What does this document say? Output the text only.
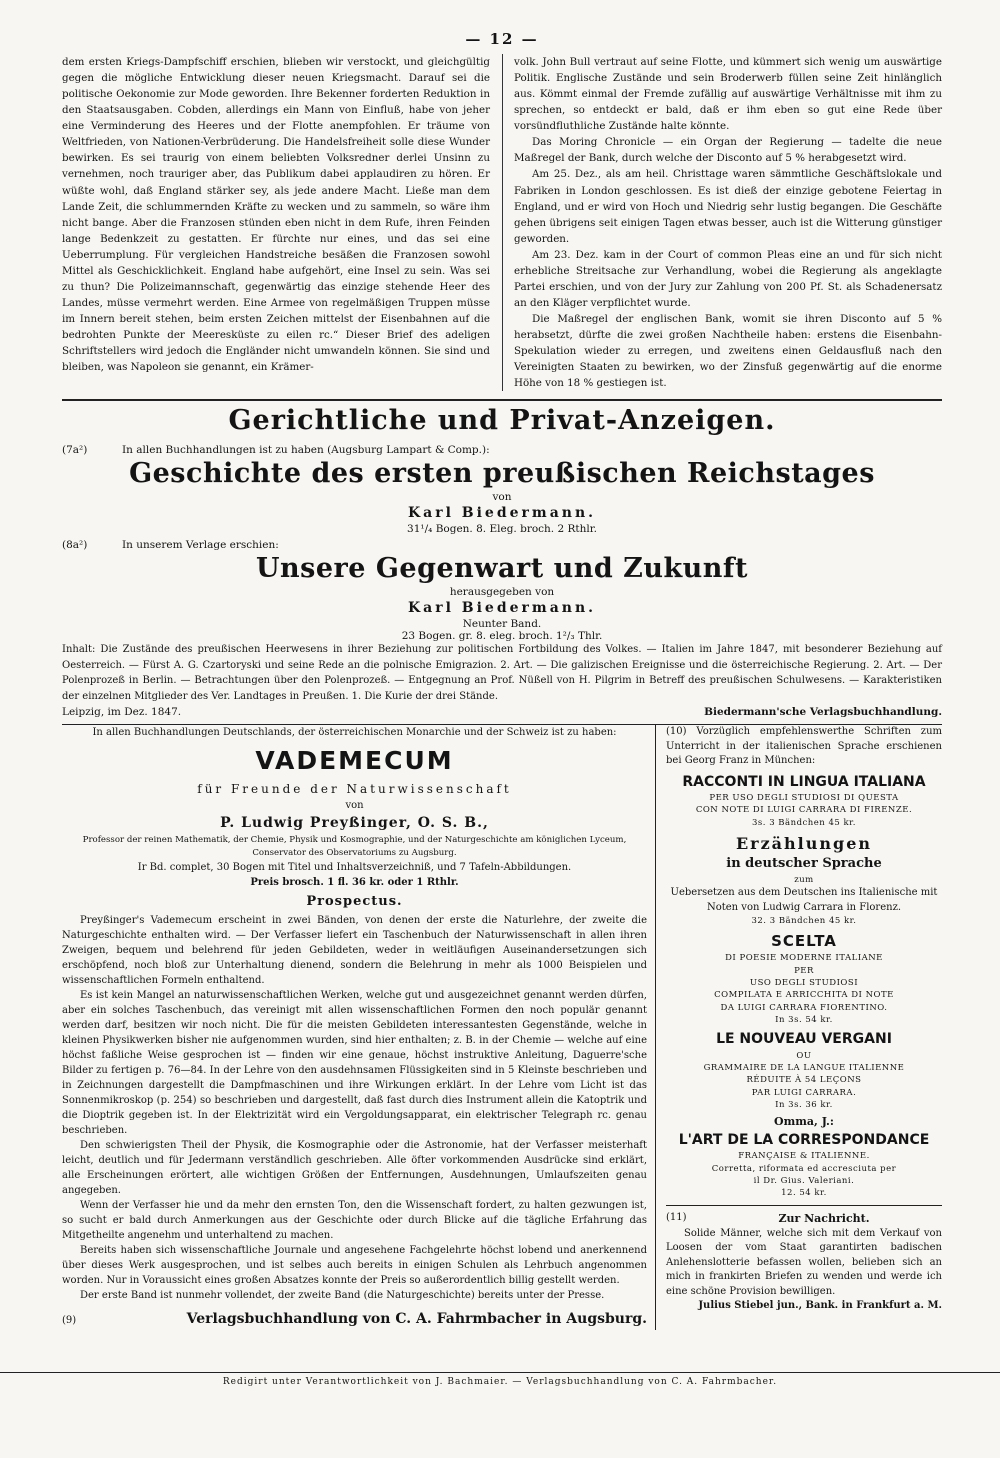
— 12 —

dem ersten Kriegs-Dampfschiff erschien, blieben wir verstockt, und gleichgültig gegen die mögliche Entwicklung dieser neuen Kriegsmacht. Darauf sei die politische Oekonomie zur Mode geworden. Ihre Bekenner forderten Reduktion in den Staatsausgaben. Cobden, allerdings ein Mann von Einfluß, habe von jeher eine Verminderung des Heeres und der Flotte anempfohlen. Er träume von Weltfrieden, von Nationen-Verbrüderung. Die Handelsfreiheit solle diese Wunder bewirken. Es sei traurig von einem beliebten Volksredner derlei Unsinn zu vernehmen, noch trauriger aber, das Publikum dabei applaudiren zu hören. Er wüßte wohl, daß England stärker sey, als jede andere Macht. Ließe man dem Lande Zeit, die schlummernden Kräfte zu wecken und zu sammeln, so wäre ihm nicht bange. Aber die Franzosen stünden eben nicht in dem Rufe, ihren Feinden lange Bedenkzeit zu gestatten. Er fürchte nur eines, und das sei eine Ueberrumplung. Für vergleichen Handstreiche besäßen die Franzosen sowohl Mittel als Geschicklichkeit. England habe aufgehört, eine Insel zu sein. Was sei zu thun? Die Polizeimannschaft, gegenwärtig das einzige stehende Heer des Landes, müsse vermehrt werden. Eine Armee von regelmäßigen Truppen müsse im Innern bereit stehen, beim ersten Zeichen mittelst der Eisenbahnen auf die bedrohten Punkte der Meeresküste zu eilen rc.“ Dieser Brief des adeligen Schriftstellers wird jedoch die Engländer nicht umwandeln können. Sie sind und bleiben, was Napoleon sie genannt, ein Krämer-

volk. John Bull vertraut auf seine Flotte, und kümmert sich wenig um auswärtige Politik. Englische Zustände und sein Broderwerb füllen seine Zeit hinlänglich aus. Kömmt einmal der Fremde zufällig auf auswärtige Verhältnisse mit ihm zu sprechen, so entdeckt er bald, daß er ihm eben so gut eine Rede über vorsündfluthliche Zustände halte könnte.

Das Moring Chronicle — ein Organ der Regierung — tadelte die neue Maßregel der Bank, durch welche der Disconto auf 5 % herabgesetzt wird.

Am 25. Dez., als am heil. Christtage waren sämmtliche Geschäftslokale und Fabriken in London geschlossen. Es ist dieß der einzige gebotene Feiertag in England, und er wird von Hoch und Niedrig sehr lustig begangen. Die Geschäfte gehen übrigens seit einigen Tagen etwas besser, auch ist die Witterung günstiger geworden.

Am 23. Dez. kam in der Court of common Pleas eine an und für sich nicht erhebliche Streitsache zur Verhandlung, wobei die Regierung als angeklagte Partei erschien, und von der Jury zur Zahlung von 200 Pf. St. als Schadenersatz an den Kläger verpflichtet wurde.

Die Maßregel der englischen Bank, womit sie ihren Disconto auf 5 % herabsetzt, dürfte die zwei großen Nachtheile haben: erstens die Eisenbahn-Spekulation wieder zu erregen, und zweitens einen Geldausfluß nach den Vereinigten Staaten zu bewirken, wo der Zinsfuß gegenwärtig auf die enorme Höhe von 18 % gestiegen ist.

Gerichtliche und Privat-Anzeigen.
(7a²)	In allen Buchhandlungen ist zu haben (Augsburg Lampart & Comp.):
Geschichte des ersten preußischen Reichstages
von
Karl Biedermann.
31¹/₄ Bogen. 8. Eleg. broch. 2 Rthlr.
(8a²)	In unserem Verlage erschien:
Unsere Gegenwart und Zukunft
herausgegeben von
Karl Biedermann.
Neunter Band.
23 Bogen. gr. 8. eleg. broch. 1²/₃ Thlr.
Inhalt: Die Zustände des preußischen Heerwesens in ihrer Beziehung zur politischen Fortbildung des Volkes. — Italien im Jahre 1847, mit besonderer Beziehung auf Oesterreich. — Fürst A. G. Czartoryski und seine Rede an die polnische Emigrazion. 2. Art. — Die galizischen Ereignisse und die österreichische Regierung. 2. Art. — Der Polenprozeß in Berlin. — Betrachtungen über den Polenprozeß. — Entgegnung an Prof. Nüßell von H. Pilgrim in Betreff des preußischen Schulwesens. — Karakteristiken der einzelnen Mitglieder des Ver. Landtages in Preußen. 1. Die Kurie der drei Stände.
Leipzig, im Dez. 1847.	Biedermann'sche Verlagsbuchhandlung.
In allen Buchhandlungen Deutschlands, der österreichischen Monarchie und der Schweiz ist zu haben:
VADEMECUM
für Freunde der Naturwissenschaft
von
P. Ludwig Preyßinger, O. S. B.,
Professor der reinen Mathematik, der Chemie, Physik und Kosmographie, und der Naturgeschichte am königlichen Lyceum, Conservator des Observatoriums zu Augsburg.
Ir Bd. complet, 30 Bogen mit Titel und Inhaltsverzeichniß, und 7 Tafeln-Abbildungen.
Preis brosch. 1 fl. 36 kr. oder 1 Rthlr.
Prospectus.

Preyßinger's Vademecum erscheint in zwei Bänden, von denen der erste die Naturlehre, der zweite die Naturgeschichte enthalten wird. — Der Verfasser liefert ein Taschenbuch der Naturwissenschaft in allen ihren Zweigen, bequem und belehrend für jeden Gebildeten, weder in weitläufigen Auseinandersetzungen sich erschöpfend, noch bloß zur Unterhaltung dienend, sondern die Belehrung in mehr als 1000 Beispielen und wissenschaftlichen Formeln enthaltend.

Es ist kein Mangel an naturwissenschaftlichen Werken, welche gut und ausgezeichnet genannt werden dürfen, aber ein solches Taschenbuch, das vereinigt mit allen wissenschaftlichen Formen den noch populär genannt werden darf, besitzen wir noch nicht. Die für die meisten Gebildeten interessantesten Gegenstände, welche in kleinen Physikwerken bisher nie aufgenommen wurden, sind hier enthalten; z. B. in der Chemie — welche auf eine höchst faßliche Weise gesprochen ist — finden wir eine genaue, höchst instruktive Anleitung, Daguerre'sche Bilder zu fertigen p. 76—84. In der Lehre von den ausdehnsamen Flüssigkeiten sind in 5 Kleinste beschrieben und in Zeichnungen dargestellt die Dampfmaschinen und ihre Wirkungen erklärt. In der Lehre vom Licht ist das Sonnenmikroskop (p. 254) so beschrieben und dargestellt, daß fast durch dies Instrument allein die Katoptrik und die Dioptrik gegeben ist. In der Elektrizität wird ein Vergoldungsapparat, ein elektrischer Telegraph rc. genau beschrieben.

Den schwierigsten Theil der Physik, die Kosmographie oder die Astronomie, hat der Verfasser meisterhaft leicht, deutlich und für Jedermann verständlich geschrieben. Alle öfter vorkommenden Ausdrücke sind erklärt, alle Erscheinungen erörtert, alle wichtigen Größen der Entfernungen, Ausdehnungen, Umlaufszeiten genau angegeben.

Wenn der Verfasser hie und da mehr den ernsten Ton, den die Wissenschaft fordert, zu halten gezwungen ist, so sucht er bald durch Anmerkungen aus der Geschichte oder durch Blicke auf die tägliche Erfahrung das Mitgetheilte angenehm und unterhaltend zu machen.

Bereits haben sich wissenschaftliche Journale und angesehene Fachgelehrte höchst lobend und anerkennend über dieses Werk ausgesprochen, und ist selbes auch bereits in einigen Schulen als Lehrbuch angenommen worden. Nur in Voraussicht eines großen Absatzes konnte der Preis so außerordentlich billig gestellt werden.

Der erste Band ist nunmehr vollendet, der zweite Band (die Naturgeschichte) bereits unter der Presse.

(9)	Verlagsbuchhandlung von C. A. Fahrmbacher in Augsburg.

(10) Vorzüglich empfehlenswerthe Schriften zum Unterricht in der italienischen Sprache erschienen bei Georg Franz in München:

RACCONTI IN LINGUA ITALIANA
PER USO DEGLI STUDIOSI DI QUESTA
CON NOTE DI LUIGI CARRARA DI FIRENZE.
3s. 3 Bändchen 45 kr.
Erzählungen
in deutscher Sprache
zum
Uebersetzen aus dem Deutschen ins Italienische mit Noten von Ludwig Carrara in Florenz.
32. 3 Bändchen 45 kr.
SCELTA
DI POESIE MODERNE ITALIANE
PER
USO DEGLI STUDIOSI
COMPILATA E ARRICCHITA DI NOTE
DA LUIGI CARRARA FIORENTINO.
In 3s. 54 kr.
LE NOUVEAU VERGANI
OU
GRAMMAIRE DE LA LANGUE ITALIENNE
RÉDUITE À 54 LEÇONS
PAR LUIGI CARRARA.
In 3s. 36 kr.
Omma, J.:
L'ART DE LA CORRESPONDANCE
FRANÇAISE & ITALIENNE.
Corretta, riformata ed accresciuta per
il Dr. Gius. Valeriani.
12. 54 kr.
(11)	Zur Nachricht.

Solide Männer, welche sich mit dem Verkauf von Loosen der vom Staat garantirten badischen Anlehenslotterie befassen wollen, belieben sich an mich in frankirten Briefen zu wenden und werde ich eine schöne Provision bewilligen.

Julius Stiebel jun., Bank. in Frankfurt a. M.
Redigirt unter Verantwortlichkeit von J. Bachmaier. — Verlagsbuchhandlung von C. A. Fahrmbacher.
